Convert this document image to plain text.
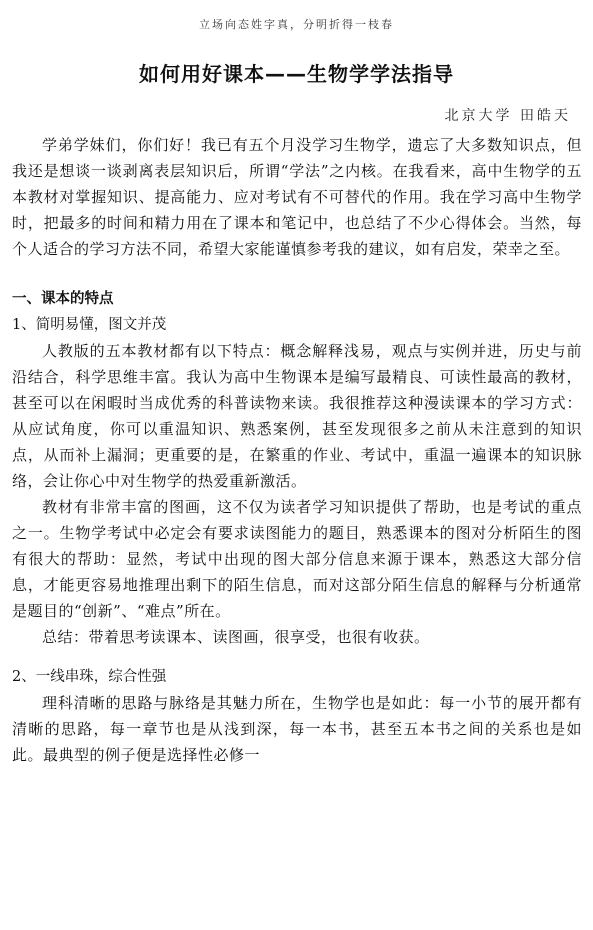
立场向态姓字真，分明折得一枝春
如何用好课本——生物学学法指导
北京大学 田皓天

学弟学妹们，你们好！我已有五个月没学习生物学，遗忘了大多数知识点，但我还是想谈一谈剥离表层知识后，所谓“学法”之内核。在我看来，高中生物学的五本教材对掌握知识、提高能力、应对考试有不可替代的作用。我在学习高中生物学时，把最多的时间和精力用在了课本和笔记中，也总结了不少心得体会。当然，每个人适合的学习方法不同，希望大家能谨慎参考我的建议，如有启发，荣幸之至。

一、课本的特点

1、简明易懂，图文并茂

人教版的五本教材都有以下特点：概念解释浅易，观点与实例并进，历史与前沿结合，科学思维丰富。我认为高中生物课本是编写最精良、可读性最高的教材，甚至可以在闲暇时当成优秀的科普读物来读。我很推荐这种漫读课本的学习方式：从应试角度，你可以重温知识、熟悉案例，甚至发现很多之前从未注意到的知识点，从而补上漏洞；更重要的是，在繁重的作业、考试中，重温一遍课本的知识脉络，会让你心中对生物学的热爱重新激活。

教材有非常丰富的图画，这不仅为读者学习知识提供了帮助，也是考试的重点之一。生物学考试中必定会有要求读图能力的题目，熟悉课本的图对分析陌生的图有很大的帮助：显然，考试中出现的图大部分信息来源于课本，熟悉这大部分信息，才能更容易地推理出剩下的陌生信息，而对这部分陌生信息的解释与分析通常是题目的“创新”、“难点”所在。

总结：带着思考读课本、读图画，很享受，也很有收获。

2、一线串珠，综合性强

理科清晰的思路与脉络是其魅力所在，生物学也是如此：每一小节的展开都有清晰的思路，每一章节也是从浅到深，每一本书，甚至五本书之间的关系也是如此。最典型的例子便是选择性必修一
